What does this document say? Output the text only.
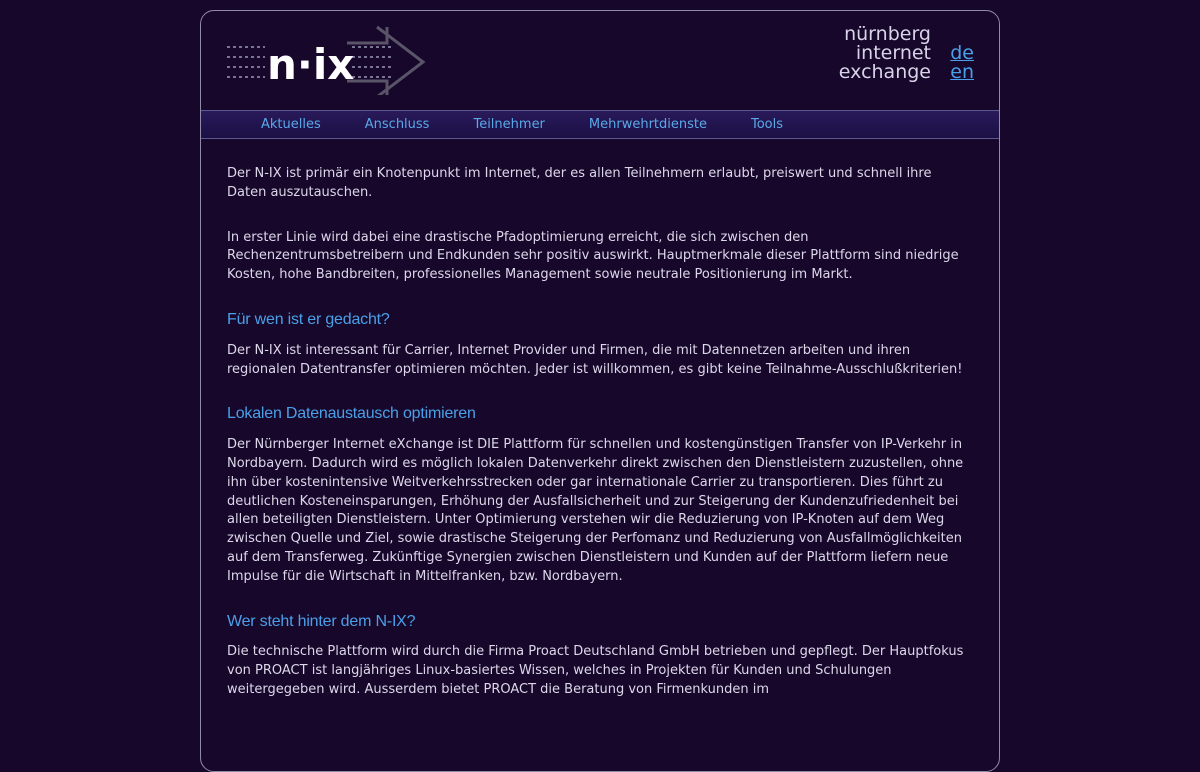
n·ix
nürnberg
internet
exchange
de
en
Aktuelles	Anschluss	Teilnehmer	Mehrwehrtdienste	Tools

Der N-IX ist primär ein Knotenpunkt im Internet, der es allen Teilnehmern erlaubt, preiswert und schnell ihre Daten auszutauschen.

In erster Linie wird dabei eine drastische Pfadoptimierung erreicht, die sich zwischen den Rechenzentrumsbetreibern und Endkunden sehr positiv auswirkt. Hauptmerkmale dieser Plattform sind niedrige Kosten, hohe Bandbreiten, professionelles Management sowie neutrale Positionierung im Markt.

Für wen ist er gedacht?

Der N-IX ist interessant für Carrier, Internet Provider und Firmen, die mit Datennetzen arbeiten und ihren regionalen Datentransfer optimieren möchten. Jeder ist willkommen, es gibt keine Teilnahme-Ausschlußkriterien!

Lokalen Datenaustausch optimieren

Der Nürnberger Internet eXchange ist DIE Plattform für schnellen und kostengünstigen Transfer von IP-Verkehr in Nordbayern. Dadurch wird es möglich lokalen Datenverkehr direkt zwischen den Dienstleistern zuzustellen, ohne ihn über kostenintensive Weitverkehrsstrecken oder gar internationale Carrier zu transportieren. Dies führt zu deutlichen Kosteneinsparungen, Erhöhung der Ausfallsicherheit und zur Steigerung der Kundenzufriedenheit bei allen beteiligten Dienstleistern. Unter Optimierung verstehen wir die Reduzierung von IP-Knoten auf dem Weg zwischen Quelle und Ziel, sowie drastische Steigerung der Perfomanz und Reduzierung von Ausfallmöglichkeiten auf dem Transferweg. Zukünftige Synergien zwischen Dienstleistern und Kunden auf der Plattform liefern neue Impulse für die Wirtschaft in Mittelfranken, bzw. Nordbayern.

Wer steht hinter dem N-IX?

Die technische Plattform wird durch die Firma Proact Deutschland GmbH betrieben und gepflegt. Der Hauptfokus von PROACT ist langjähriges Linux-basiertes Wissen, welches in Projekten für Kunden und Schulungen weitergegeben wird. Ausserdem bietet PROACT die Beratung von Firmenkunden im
